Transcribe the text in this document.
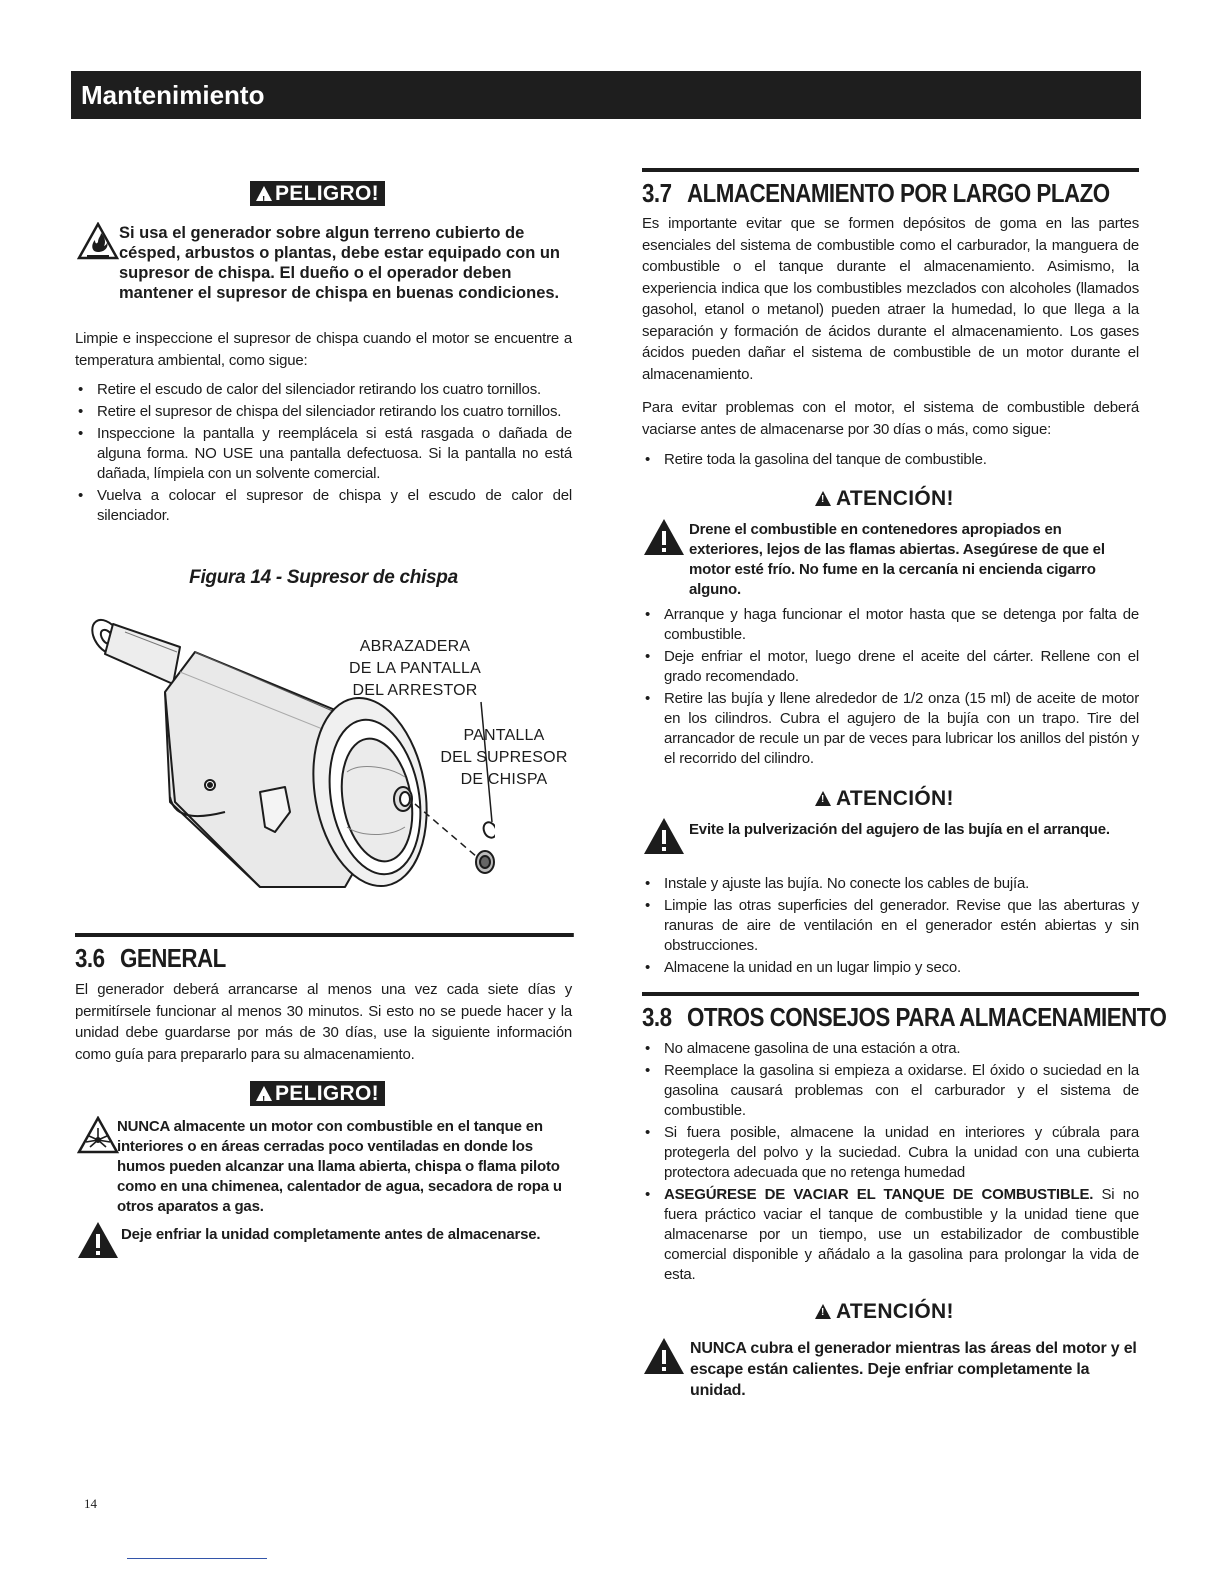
Mantenimiento
! PELIGRO!
Si usa el generador sobre algun terreno cubierto de césped, arbustos o plantas, debe estar equipado con un supresor de chispa. El dueño o el operador deben mantener el supresor de chispa en buenas condiciones.
Limpie e inspeccione el supresor de chispa cuando el motor se encuentre a temperatura ambiental, como sigue:
• Retire el escudo de calor del silenciador retirando los cuatro tornillos.
• Retire el supresor de chispa del silenciador retirando los cuatro tornillos.
• Inspeccione la pantalla y reemplácela si está rasgada o dañada de alguna forma. NO USE una pantalla defectuosa. Si la pantalla no está dañada, límpiela con un solvente comercial.
• Vuelva a colocar el supresor de chispa y el escudo de calor del silenciador.
Figura 14 - Supresor de chispa
ABRAZADERA
DE LA PANTALLA
DEL ARRESTOR
PANTALLA
DEL SUPRESOR
DE CHISPA
3.6 GENERAL
El generador deberá arrancarse al menos una vez cada siete días y permitírsele funcionar al menos 30 minutos. Si esto no se puede hacer y la unidad debe guardarse por más de 30 días, use la siguiente información como guía para prepararlo para su almacenamiento.
! PELIGRO!
NUNCA almacente un motor con combustible en el tanque en interiores o en áreas cerradas poco ventiladas en donde los humos pueden alcanzar una llama abierta, chispa o flama piloto como en una chimenea, calentador de agua, secadora de ropa u otros aparatos a gas.
Deje enfriar la unidad completamente antes de almacenarse.
3.7 ALMACENAMIENTO POR LARGO PLAZO
Es importante evitar que se formen depósitos de goma en las partes esenciales del sistema de combustible como el carburador, la manguera de combustible o el tanque durante el almacenamiento. Asimismo, la experiencia indica que los combustibles mezclados con alcoholes (llamados gasohol, etanol o metanol) pueden atraer la humedad, lo que llega a la separación y formación de ácidos durante el almacenamiento. Los gases ácidos pueden dañar el sistema de combustible de un motor durante el almacenamiento.
Para evitar problemas con el motor, el sistema de combustible deberá vaciarse antes de almacenarse por 30 días o más, como sigue:
• Retire toda la gasolina del tanque de combustible.
! ATENCIÓN!
Drene el combustible en contenedores apropiados en exteriores, lejos de las flamas abiertas. Asegúrese de que el motor esté frío. No fume en la cercanía ni encienda cigarro alguno.
• Arranque y haga funcionar el motor hasta que se detenga por falta de combustible.
• Deje enfriar el motor, luego drene el aceite del cárter. Rellene con el grado recomendado.
• Retire las bujía y llene alrededor de 1/2 onza (15 ml) de aceite de motor en los cilindros. Cubra el agujero de la bujía con un trapo. Tire del arrancador de recule un par de veces para lubricar los anillos del pistón y el recorrido del cilindro.
! ATENCIÓN!
Evite la pulverización del agujero de las bujía en el arranque.
• Instale y ajuste las bujía. No conecte los cables de bujía.
• Limpie las otras superficies del generador. Revise que las aberturas y ranuras de aire de ventilación en el generador estén abiertas y sin obstrucciones.
• Almacene la unidad en un lugar limpio y seco.
3.8 OTROS CONSEJOS PARA ALMACENAMIENTO
• No almacene gasolina de una estación a otra.
• Reemplace la gasolina si empieza a oxidarse. El óxido o suciedad en la gasolina causará problemas con el carburador y el sistema de combustible.
• Si fuera posible, almacene la unidad en interiores y cúbrala para protegerla del polvo y la suciedad. Cubra la unidad con una cubierta protectora adecuada que no retenga humedad
• ASEGÚRESE DE VACIAR EL TANQUE DE COMBUSTIBLE. Si no fuera práctico vaciar el tanque de combustible y la unidad tiene que almacenarse por un tiempo, use un estabilizador de combustible comercial disponible y añádalo a la gasolina para prolongar la vida de esta.
! ATENCIÓN!
NUNCA cubra el generador mientras las áreas del motor y el escape están calientes. Deje enfriar completamente la unidad.
14
